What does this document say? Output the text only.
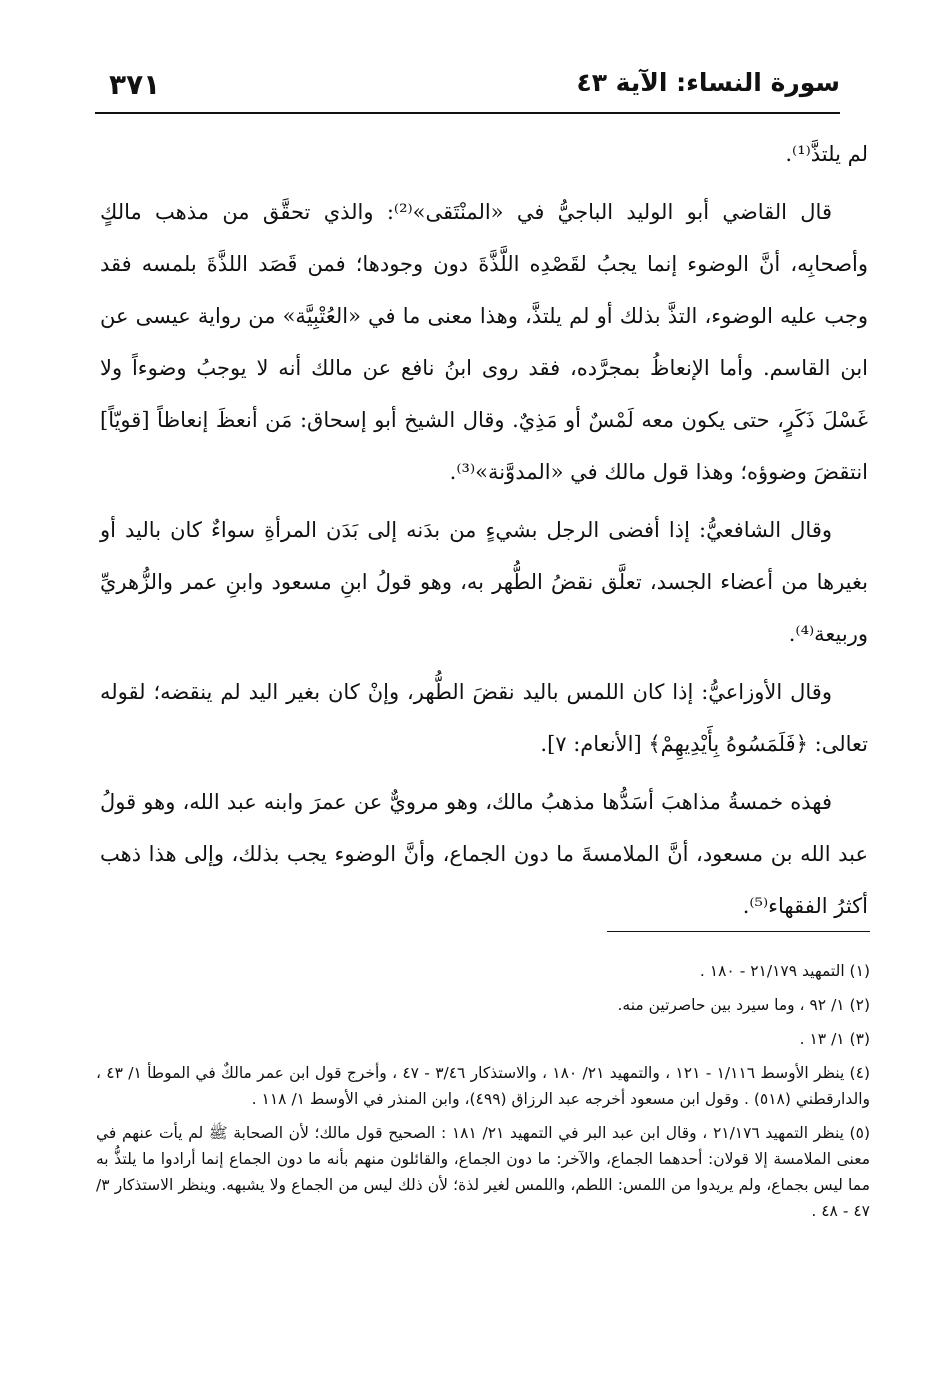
سورة النساء: الآية ٤٣
٣٧١

لم يلتذَّ⁽¹⁾.

قال القاضي أبو الوليد الباجيُّ في «المنْتَقى»⁽²⁾: والذي تحقَّق من مذهب مالكٍ وأصحابِه، أنَّ الوضوء إنما يجبُ لقَصْدِه اللَّذَّةَ دون وجودها؛ فمن قَصَد اللذَّةَ بلمسه فقد وجب عليه الوضوء، التذَّ بذلك أو لم يلتذَّ، وهذا معنى ما في «العُتْبِيَّة» من رواية عيسى عن ابن القاسم. وأما الإنعاظُ بمجرَّده، فقد روى ابنُ نافع عن مالك أنه لا يوجبُ وضوءاً ولا غَسْلَ ذَكَرٍ، حتى يكون معه لَمْسٌ أو مَذِيٌ. وقال الشيخ أبو إسحاق: مَن أنعظَ إنعاظاً [قويّاً] انتقضَ وضوؤه؛ وهذا قول مالك في «المدوَّنة»⁽³⁾.

وقال الشافعيُّ: إذا أفضى الرجل بشيءٍ من بدَنه إلى بَدَن المرأةِ سواءٌ كان باليد أو بغيرها من أعضاء الجسد، تعلَّق نقضُ الطُّهر به، وهو قولُ ابنِ مسعود وابنِ عمر والزُّهريِّ وربيعة⁽⁴⁾.

وقال الأوزاعيُّ: إذا كان اللمس باليد نقضَ الطُّهر، وإنْ كان بغير اليد لم ينقضه؛ لقوله تعالى: ﴿فَلَمَسُوهُ بِأَيْدِيهِمْ﴾ [الأنعام: ٧].

فهذه خمسةُ مذاهبَ أسَدُّها مذهبُ مالك، وهو مرويٌّ عن عمرَ وابنه عبد الله، وهو قولُ عبد الله بن مسعود، أنَّ الملامسةَ ما دون الجماع، وأنَّ الوضوء يجب بذلك، وإلى هذا ذهب أكثرُ الفقهاء⁽⁵⁾.

(١) التمهيد ٢١/١٧٩ - ١٨٠ .
(٢) ١/ ٩٢ ، وما سيرد بين حاصرتين منه.
(٣) ١/ ١٣ .
(٤) ينظر الأوسط ١/١١٦ - ١٢١ ، والتمهيد ٢١/ ١٨٠ ، والاستذكار ٣/٤٦ - ٤٧ ، وأخرج قول ابن عمر مالكٌ في الموطأ ١/ ٤٣ ، والدارقطني (٥١٨) . وقول ابن مسعود أخرجه عبد الرزاق (٤٩٩)، وابن المنذر في الأوسط ١/ ١١٨ .
(٥) ينظر التمهيد ٢١/١٧٦ ، وقال ابن عبد البر في التمهيد ٢١/ ١٨١ : الصحيح قول مالك؛ لأن الصحابة ﷺ لم يأت عنهم في معنى الملامسة إلا قولان: أحدهما الجماع، والآخر: ما دون الجماع، والقائلون منهم بأنه ما دون الجماع إنما أرادوا ما يلتذُّ به مما ليس بجماع، ولم يريدوا من اللمس: اللطم، واللمس لغير لذة؛ لأن ذلك ليس من الجماع ولا يشبهه. وينظر الاستذكار ٣/ ٤٧ - ٤٨ .
